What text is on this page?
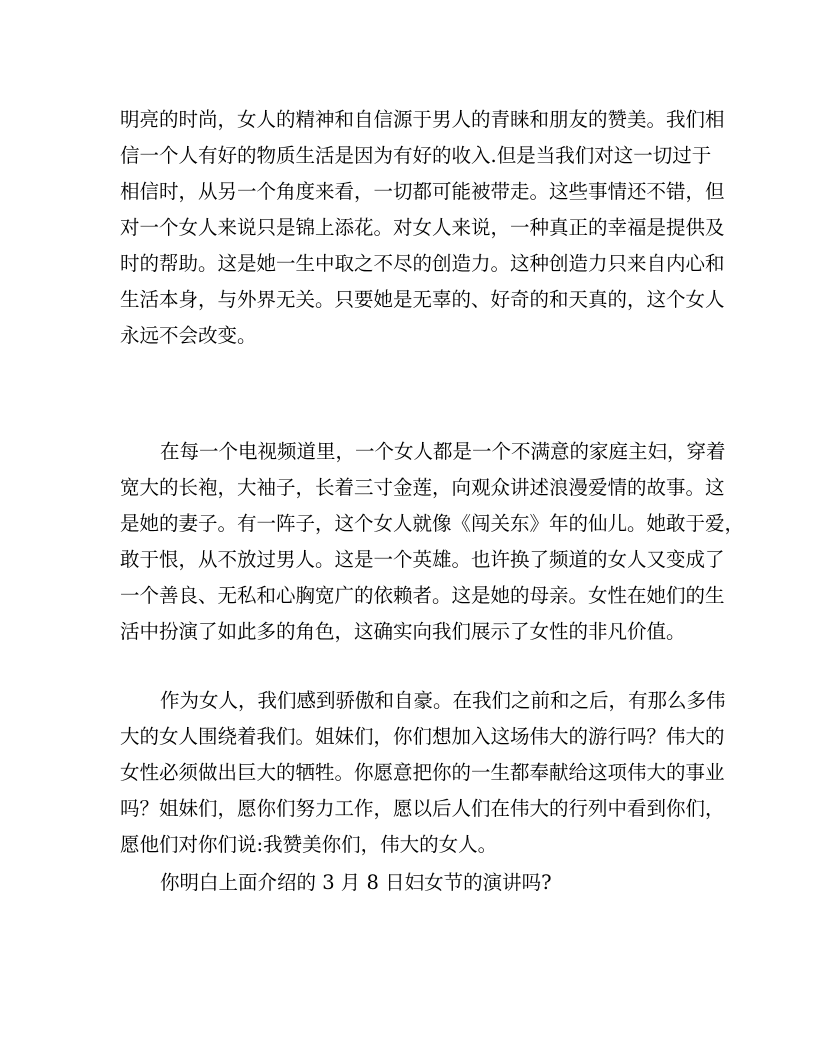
明亮的时尚，女人的精神和自信源于男人的青睐和朋友的赞美。我们相
信一个人有好的物质生活是因为有好的收入.但是当我们对这一切过于
相信时，从另一个角度来看，一切都可能被带走。这些事情还不错，但
对一个女人来说只是锦上添花。对女人来说，一种真正的幸福是提供及
时的帮助。这是她一生中取之不尽的创造力。这种创造力只来自内心和
生活本身，与外界无关。只要她是无辜的、好奇的和天真的，这个女人
永远不会改变。
在每一个电视频道里，一个女人都是一个不满意的家庭主妇，穿着
宽大的长袍，大袖子，长着三寸金莲，向观众讲述浪漫爱情的故事。这
是她的妻子。有一阵子，这个女人就像《闯关东》年的仙儿。她敢于爱，
敢于恨，从不放过男人。这是一个英雄。也许换了频道的女人又变成了
一个善良、无私和心胸宽广的依赖者。这是她的母亲。女性在她们的生
活中扮演了如此多的角色，这确实向我们展示了女性的非凡价值。
作为女人，我们感到骄傲和自豪。在我们之前和之后，有那么多伟
大的女人围绕着我们。姐妹们，你们想加入这场伟大的游行吗？伟大的
女性必须做出巨大的牺牲。你愿意把你的一生都奉献给这项伟大的事业
吗？姐妹们，愿你们努力工作，愿以后人们在伟大的行列中看到你们，
愿他们对你们说:我赞美你们，伟大的女人。
你明白上面介绍的 3 月 8 日妇女节的演讲吗?
